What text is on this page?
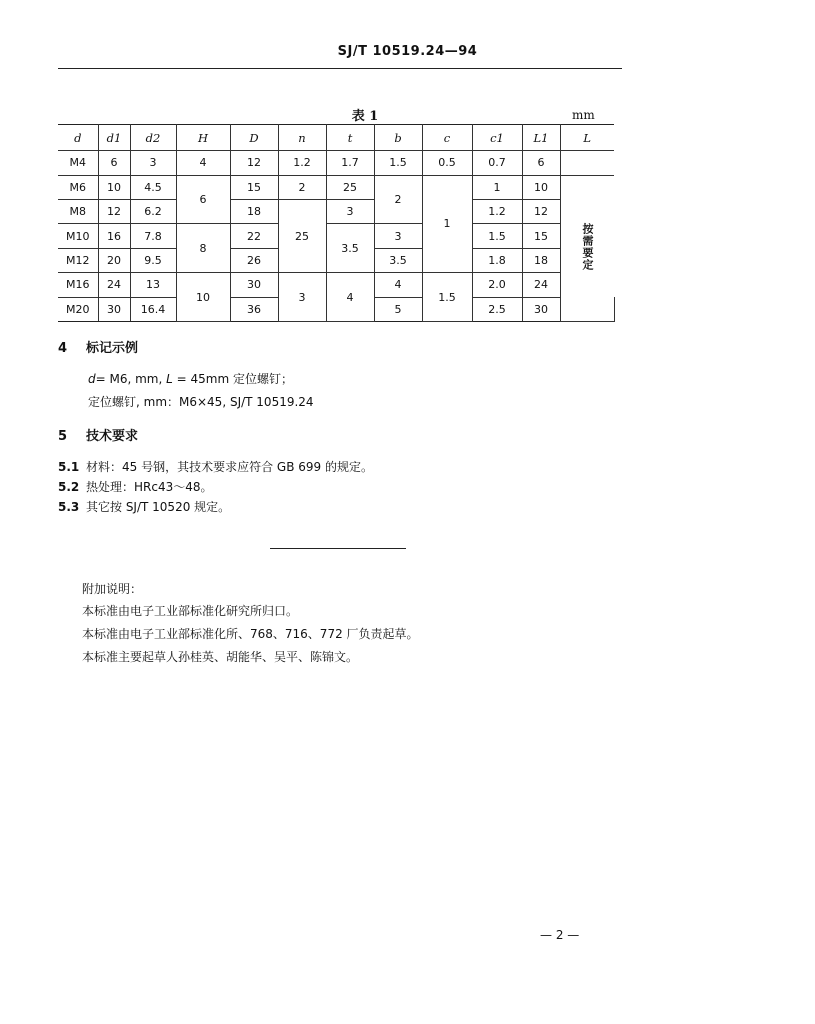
SJ/T 10519.24—94
表 1	mm
d	d1	d2	H	D	n	t	b	c	c1	L1	L	
M4	6	3	4	12	1.2	1.7	1.5	0.5	0.7	6		
M6	10	4.5	6	15	2	25	2	1	1	10	按需要定	
M8	12	6.2		18	25	3			1.2	12		
M10	16	7.8	8	22		3.5	3		1.5	15		
M12	20	9.5		26			3.5		1.8	18		
M16	24	13	10	30	3	4	4	1.5	2.0	24		
M20	30	16.4		36			5		2.5	30		
4 标记示例
d= M6, mm, L = 45mm 定位螺钉；
定位螺钉, mm：M6×45, SJ/T 10519.24
5 技术要求
5.1 材料：45 号钢，其技术要求应符合 GB 699 的规定。
5.2 热处理：HRc43～48。
5.3 其它按 SJ/T 10520 规定。
附加说明：
本标准由电子工业部标准化研究所归口。
本标准由电子工业部标准化所、768、716、772 厂负责起草。
本标准主要起草人孙桂英、胡能华、吴平、陈锦文。
— 2 —
